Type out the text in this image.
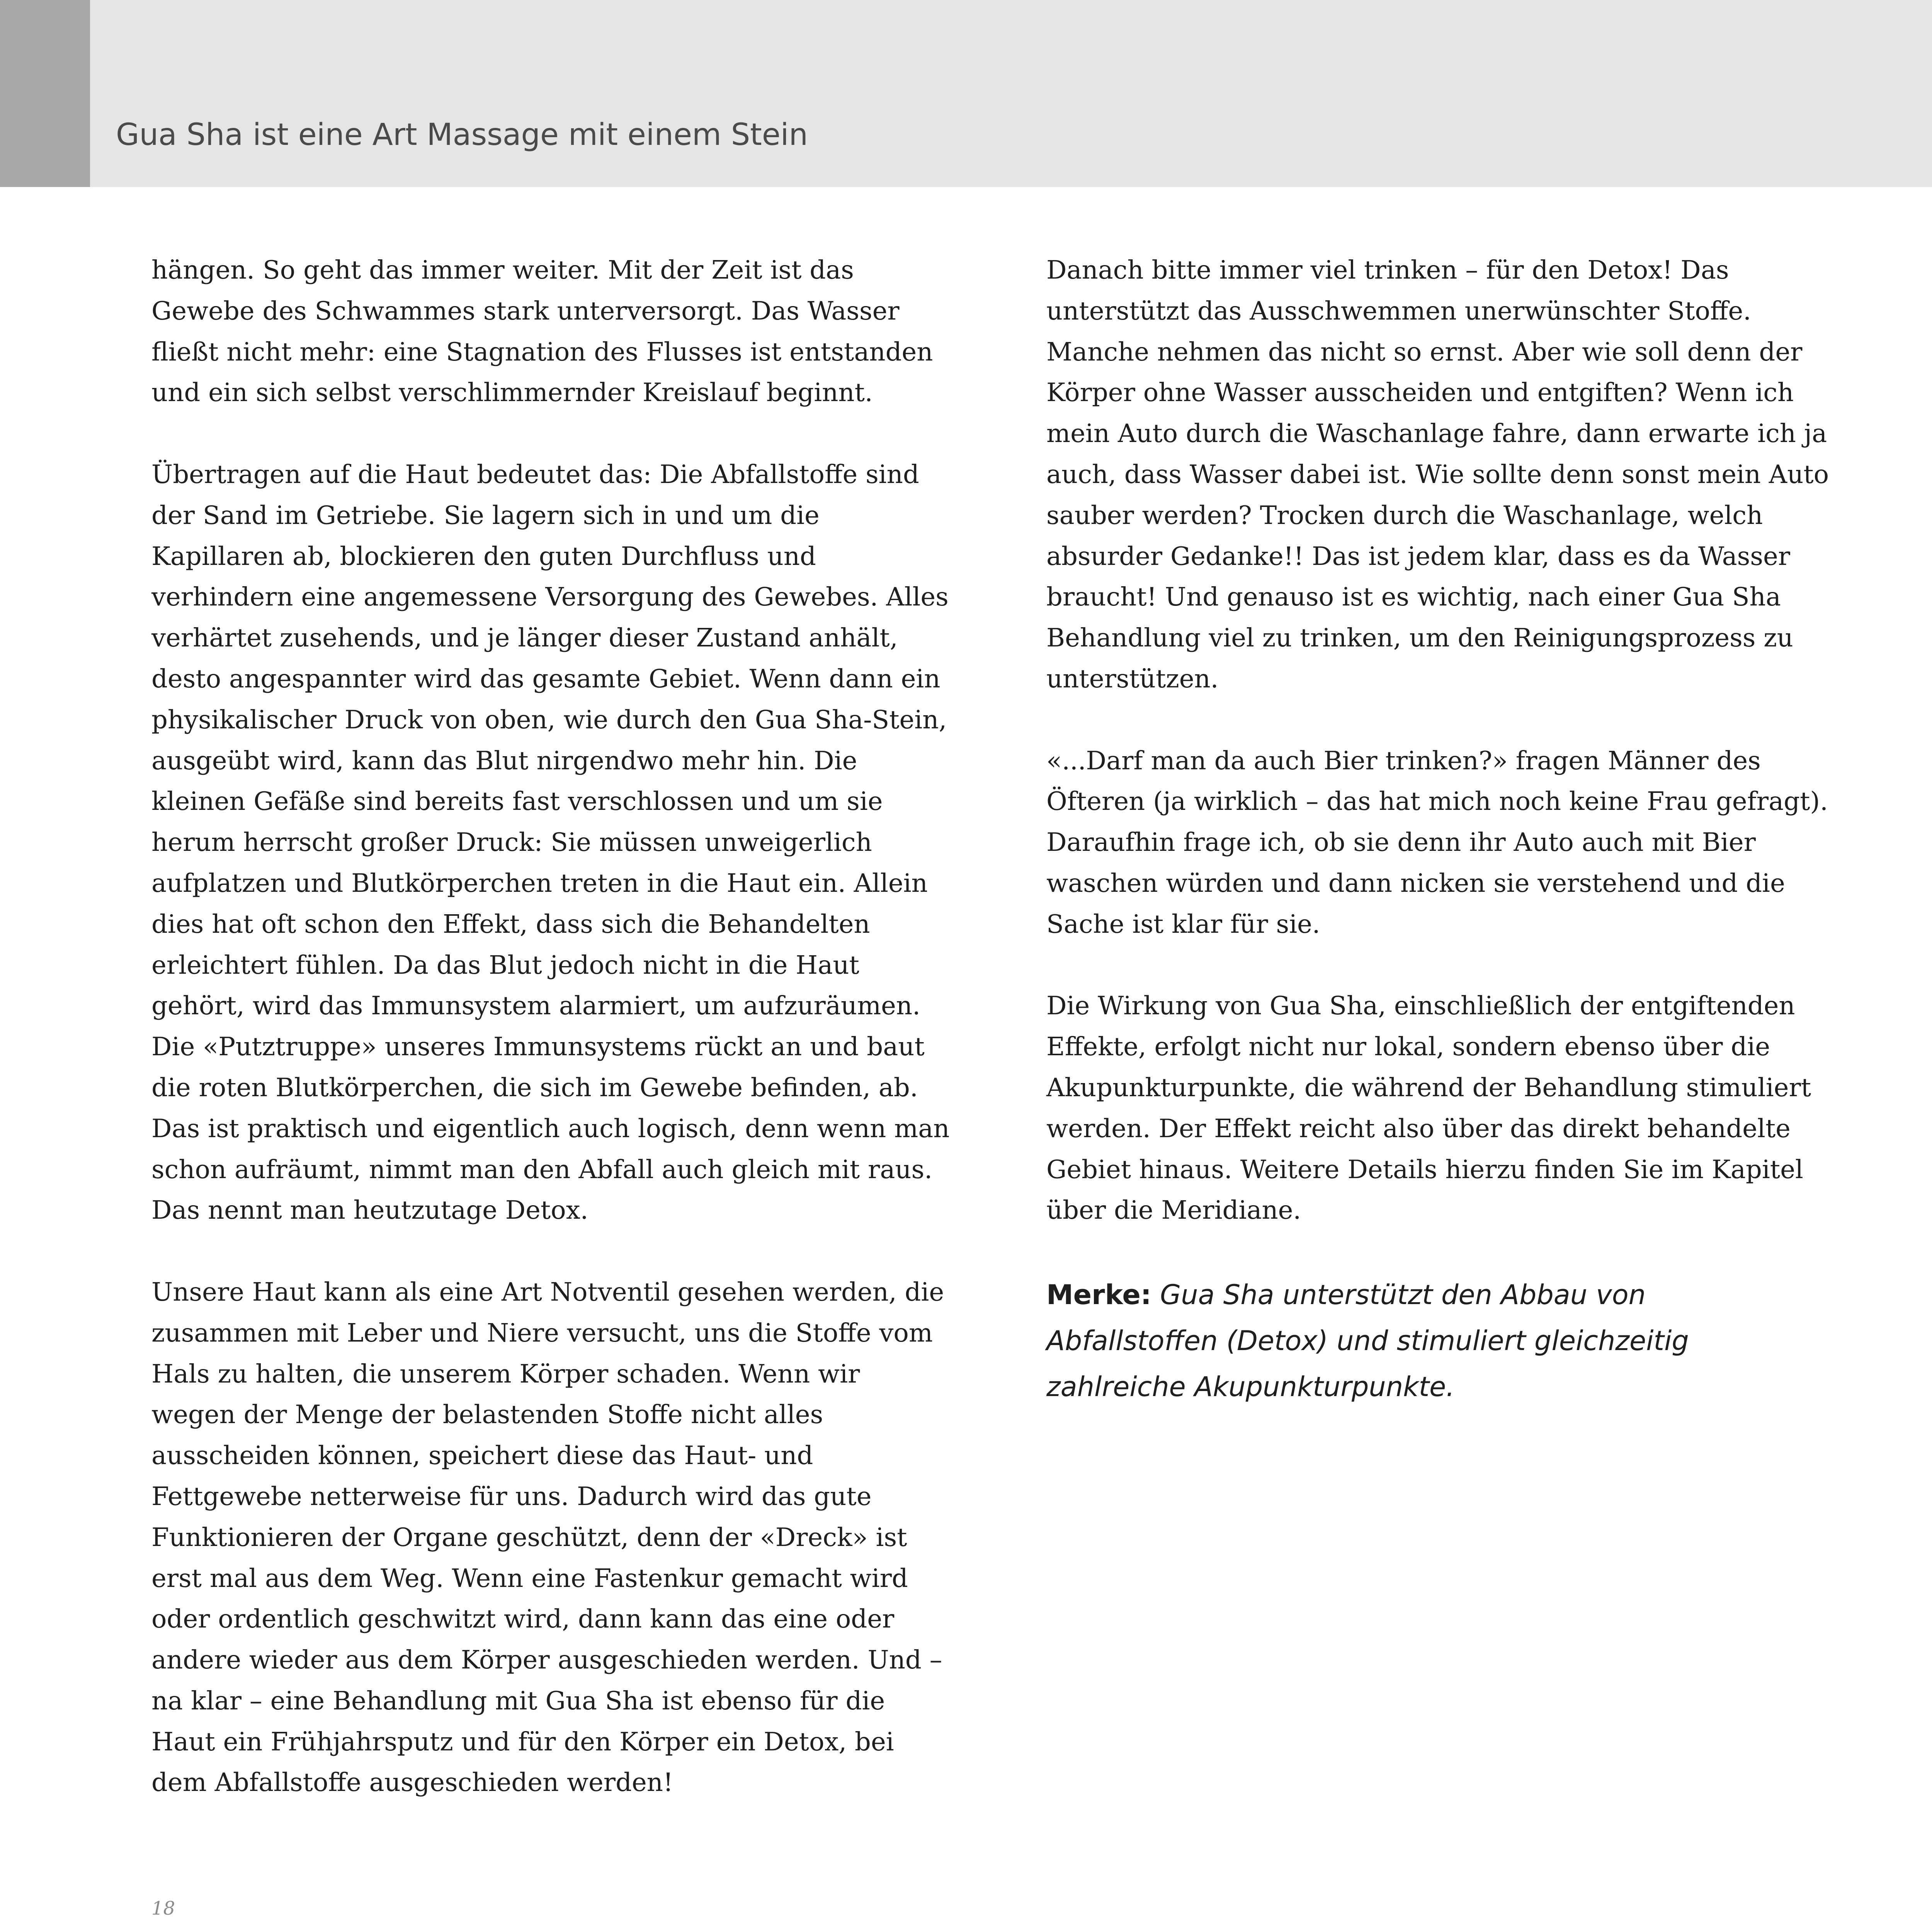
Gua Sha ist eine Art Massage mit einem Stein

hängen. So geht das immer weiter. Mit der Zeit ist das
Gewebe des Schwammes stark unterversorgt. Das Wasser
fließt nicht mehr: eine Stagnation des Flusses ist entstanden
und ein sich selbst verschlimmernder Kreislauf beginnt.

Übertragen auf die Haut bedeutet das: Die Abfallstoffe sind
der Sand im Getriebe. Sie lagern sich in und um die
Kapillaren ab, blockieren den guten Durchfluss und
verhindern eine angemessene Versorgung des Gewebes. Alles
verhärtet zusehends, und je länger dieser Zustand anhält,
desto angespannter wird das gesamte Gebiet. Wenn dann ein
physikalischer Druck von oben, wie durch den Gua Sha-Stein,
ausgeübt wird, kann das Blut nirgendwo mehr hin. Die
kleinen Gefäße sind bereits fast verschlossen und um sie
herum herrscht großer Druck: Sie müssen unweigerlich
aufplatzen und Blutkörperchen treten in die Haut ein. Allein
dies hat oft schon den Effekt, dass sich die Behandelten
erleichtert fühlen. Da das Blut jedoch nicht in die Haut
gehört, wird das Immunsystem alarmiert, um aufzuräumen.
Die «Putztruppe» unseres Immunsystems rückt an und baut
die roten Blutkörperchen, die sich im Gewebe befinden, ab.
Das ist praktisch und eigentlich auch logisch, denn wenn man
schon aufräumt, nimmt man den Abfall auch gleich mit raus.
Das nennt man heutzutage Detox.

Unsere Haut kann als eine Art Notventil gesehen werden, die
zusammen mit Leber und Niere versucht, uns die Stoffe vom
Hals zu halten, die unserem Körper schaden. Wenn wir
wegen der Menge der belastenden Stoffe nicht alles
ausscheiden können, speichert diese das Haut- und
Fettgewebe netterweise für uns. Dadurch wird das gute
Funktionieren der Organe geschützt, denn der «Dreck» ist
erst mal aus dem Weg. Wenn eine Fastenkur gemacht wird
oder ordentlich geschwitzt wird, dann kann das eine oder
andere wieder aus dem Körper ausgeschieden werden. Und –
na klar – eine Behandlung mit Gua Sha ist ebenso für die
Haut ein Frühjahrsputz und für den Körper ein Detox, bei
dem Abfallstoffe ausgeschieden werden!

Danach bitte immer viel trinken – für den Detox! Das
unterstützt das Ausschwemmen unerwünschter Stoffe.
Manche nehmen das nicht so ernst. Aber wie soll denn der
Körper ohne Wasser ausscheiden und entgiften? Wenn ich
mein Auto durch die Waschanlage fahre, dann erwarte ich ja
auch, dass Wasser dabei ist. Wie sollte denn sonst mein Auto
sauber werden? Trocken durch die Waschanlage, welch
absurder Gedanke!! Das ist jedem klar, dass es da Wasser
braucht! Und genauso ist es wichtig, nach einer Gua Sha
Behandlung viel zu trinken, um den Reinigungsprozess zu
unterstützen.

«...Darf man da auch Bier trinken?» fragen Männer des
Öfteren (ja wirklich – das hat mich noch keine Frau gefragt).
Daraufhin frage ich, ob sie denn ihr Auto auch mit Bier
waschen würden und dann nicken sie verstehend und die
Sache ist klar für sie.

Die Wirkung von Gua Sha, einschließlich der entgiftenden
Effekte, erfolgt nicht nur lokal, sondern ebenso über die
Akupunkturpunkte, die während der Behandlung stimuliert
werden. Der Effekt reicht also über das direkt behandelte
Gebiet hinaus. Weitere Details hierzu finden Sie im Kapitel
über die Meridiane.

Merke: Gua Sha unterstützt den Abbau von
Abfallstoffen (Detox) und stimuliert gleichzeitig
zahlreiche Akupunkturpunkte.
18
